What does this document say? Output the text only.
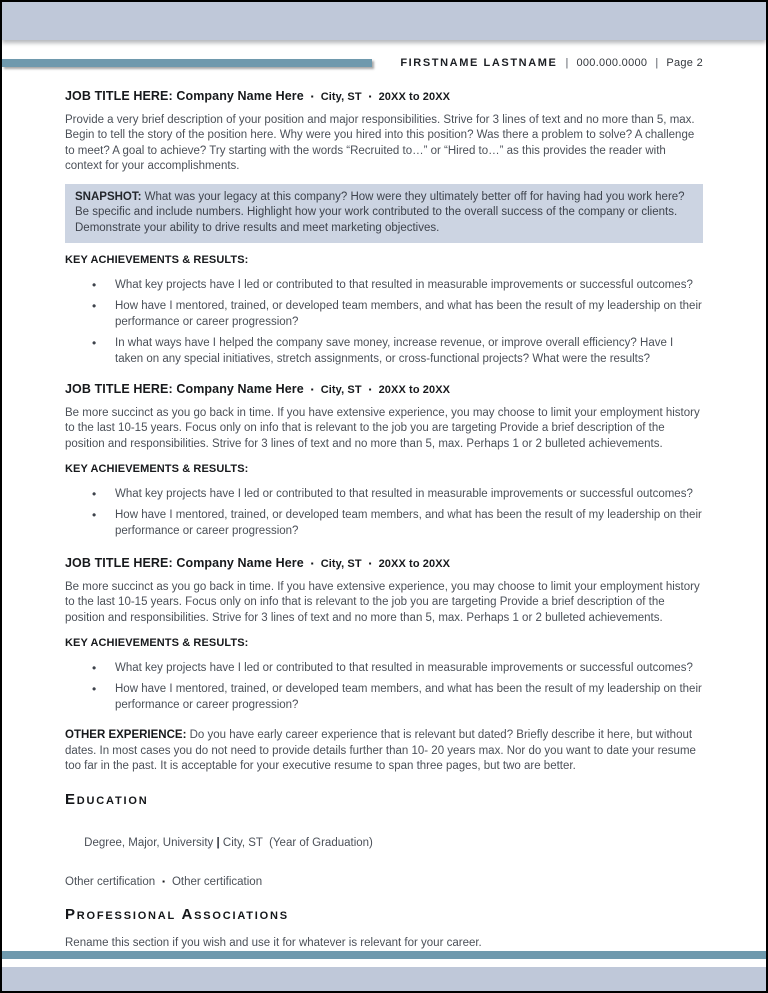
FIRSTNAME LASTNAME | 000.000.0000 | Page 2
JOB TITLE HERE: Company Name Here ▪ City, ST ▪ 20XX to 20XX

Provide a very brief description of your position and major responsibilities. Strive for 3 lines of text and no more than 5, max. Begin to tell the story of the position here. Why were you hired into this position? Was there a problem to solve? A challenge to meet? A goal to achieve? Try starting with the words “Recruited to…” or “Hired to…” as this provides the reader with context for your accomplishments.

SNAPSHOT: What was your legacy at this company? How were they ultimately better off for having had you work here? Be specific and include numbers. Highlight how your work contributed to the overall success of the company or clients. Demonstrate your ability to drive results and meet marketing objectives.
KEY ACHIEVEMENTS & RESULTS:
•	What key projects have I led or contributed to that resulted in measurable improvements or successful outcomes?
•	How have I mentored, trained, or developed team members, and what has been the result of my leadership on their performance or career progression?
•	In what ways have I helped the company save money, increase revenue, or improve overall efficiency? Have I taken on any special initiatives, stretch assignments, or cross-functional projects? What were the results?
JOB TITLE HERE: Company Name Here ▪ City, ST ▪ 20XX to 20XX

Be more succinct as you go back in time. If you have extensive experience, you may choose to limit your employment history to the last 10-15 years. Focus only on info that is relevant to the job you are targeting Provide a brief description of the position and responsibilities. Strive for 3 lines of text and no more than 5, max. Perhaps 1 or 2 bulleted achievements.

KEY ACHIEVEMENTS & RESULTS:
•	What key projects have I led or contributed to that resulted in measurable improvements or successful outcomes?
•	How have I mentored, trained, or developed team members, and what has been the result of my leadership on their performance or career progression?
JOB TITLE HERE: Company Name Here ▪ City, ST ▪ 20XX to 20XX

Be more succinct as you go back in time. If you have extensive experience, you may choose to limit your employment history to the last 10-15 years. Focus only on info that is relevant to the job you are targeting Provide a brief description of the position and responsibilities. Strive for 3 lines of text and no more than 5, max. Perhaps 1 or 2 bulleted achievements.

KEY ACHIEVEMENTS & RESULTS:
•	What key projects have I led or contributed to that resulted in measurable improvements or successful outcomes?
•	How have I mentored, trained, or developed team members, and what has been the result of my leadership on their performance or career progression?

OTHER EXPERIENCE: Do you have early career experience that is relevant but dated? Briefly describe it here, but without dates. In most cases you do not need to provide details further than 10- 20 years max. Nor do you want to date your resume too far in the past. It is acceptable for your executive resume to span three pages, but two are better.

Education

Degree, Major, University | City, ST  (Year of Graduation)

Other certification ▪ Other certification

Professional Associations

Rename this section if you wish and use it for whatever is relevant for your career.
